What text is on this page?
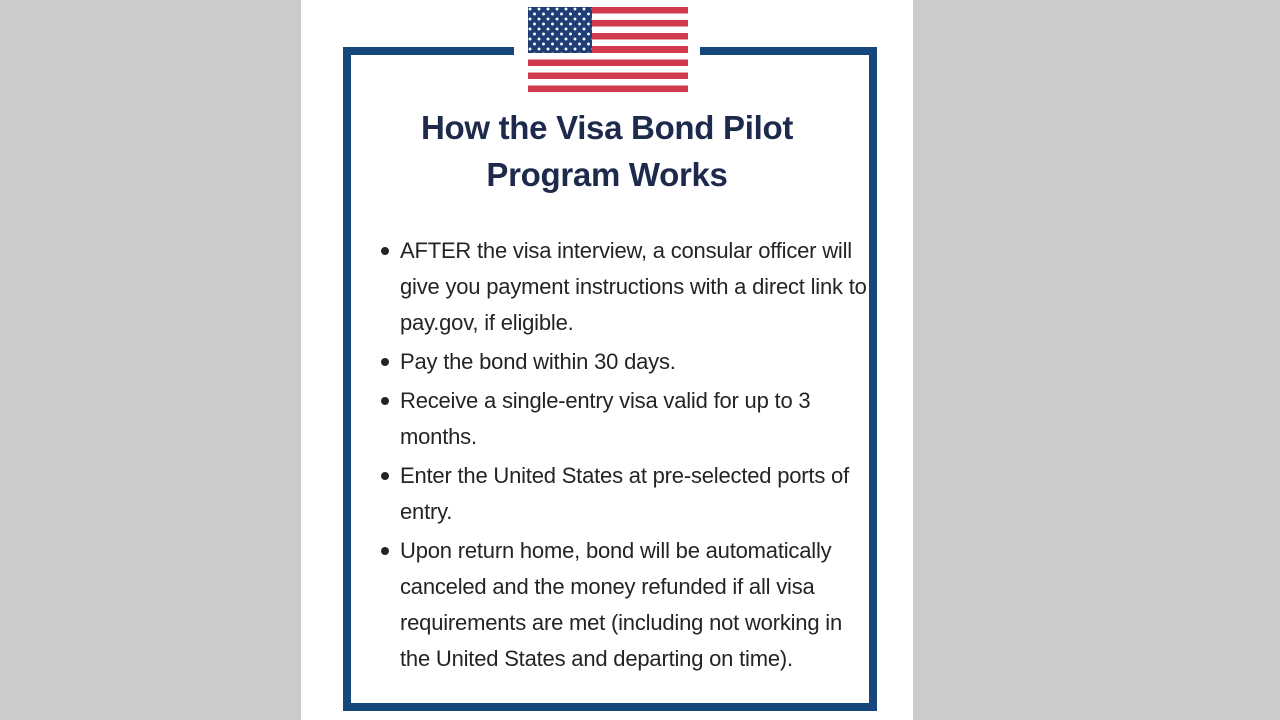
How the Visa Bond Pilot
Program Works
AFTER the visa interview, a consular officer will give you payment instructions with a direct link to pay.gov, if eligible.
Pay the bond within 30 days.
Receive a single-entry visa valid for up to 3 months.
Enter the United States at pre-selected ports of entry.
Upon return home, bond will be automatically canceled and the money refunded if all visa requirements are met (including not working in the United States and departing on time).
